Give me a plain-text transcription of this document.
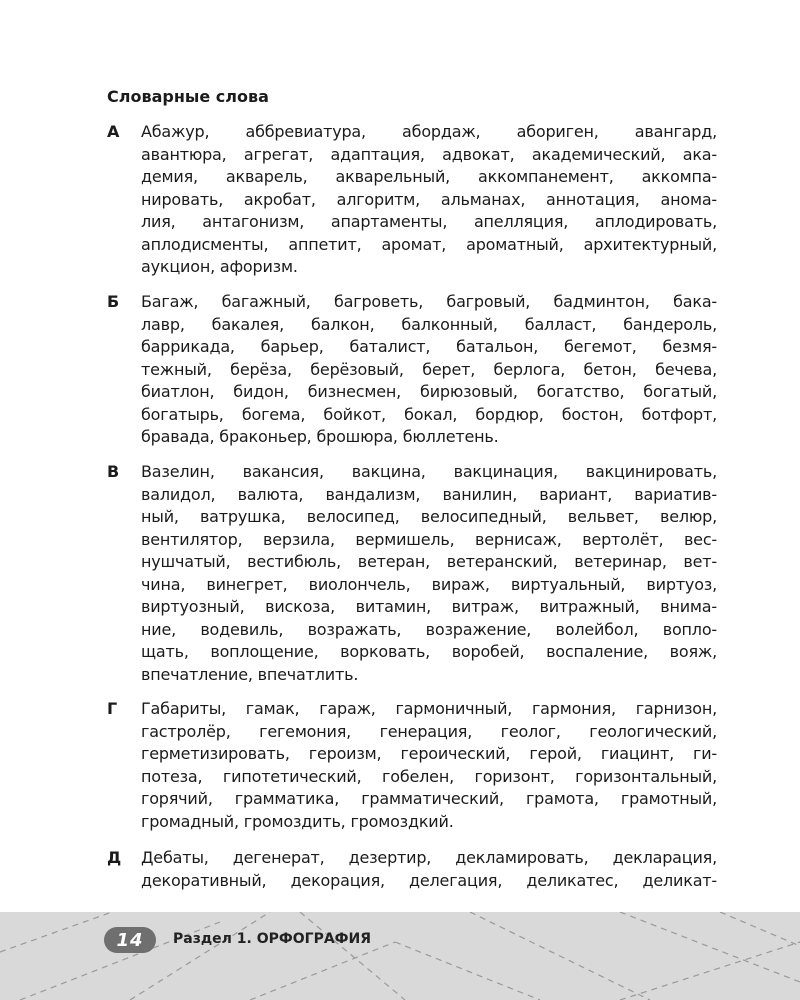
Словарные слова
А	Абажур, аббревиатура, абордаж, абориген, авангард,
авантюра, агрегат, адаптация, адвокат, академический, ака-
демия, акварель, акварельный, аккомпанемент, аккомпа-
нировать, акробат, алгоритм, альманах, аннотация, анома-
лия, антагонизм, апартаменты, апелляция, аплодировать,
аплодисменты, аппетит, аромат, ароматный, архитектурный,
аукцион, афоризм.
Б	Багаж, багажный, багроветь, багровый, бадминтон, бака-
лавр, бакалея, балкон, балконный, балласт, бандероль,
баррикада, барьер, баталист, батальон, бегемот, безмя-
тежный, берёза, берёзовый, берет, берлога, бетон, бечева,
биатлон, бидон, бизнесмен, бирюзовый, богатство, богатый,
богатырь, богема, бойкот, бокал, бордюр, бостон, ботфорт,
бравада, браконьер, брошюра, бюллетень.
В	Вазелин, вакансия, вакцина, вакцинация, вакцинировать,
валидол, валюта, вандализм, ванилин, вариант, вариатив-
ный, ватрушка, велосипед, велосипедный, вельвет, велюр,
вентилятор, верзила, вермишель, вернисаж, вертолёт, вес-
нушчатый, вестибюль, ветеран, ветеранский, ветеринар, вет-
чина, винегрет, виолончель, вираж, виртуальный, виртуоз,
виртуозный, вискоза, витамин, витраж, витражный, внима-
ние, водевиль, возражать, возражение, волейбол, вопло-
щать, воплощение, ворковать, воробей, воспаление, вояж,
впечатление, впечатлить.
Г	Габариты, гамак, гараж, гармоничный, гармония, гарнизон,
гастролёр, гегемония, генерация, геолог, геологический,
герметизировать, героизм, героический, герой, гиацинт, ги-
потеза, гипотетический, гобелен, горизонт, горизонтальный,
горячий, грамматика, грамматический, грамота, грамотный,
громадный, громоздить, громоздкий.
Д	Дебаты, дегенерат, дезертир, декламировать, декларация,
декоративный, декорация, делегация, деликатес, деликат-
14 Раздел 1. ОРФОГРАФИЯ
